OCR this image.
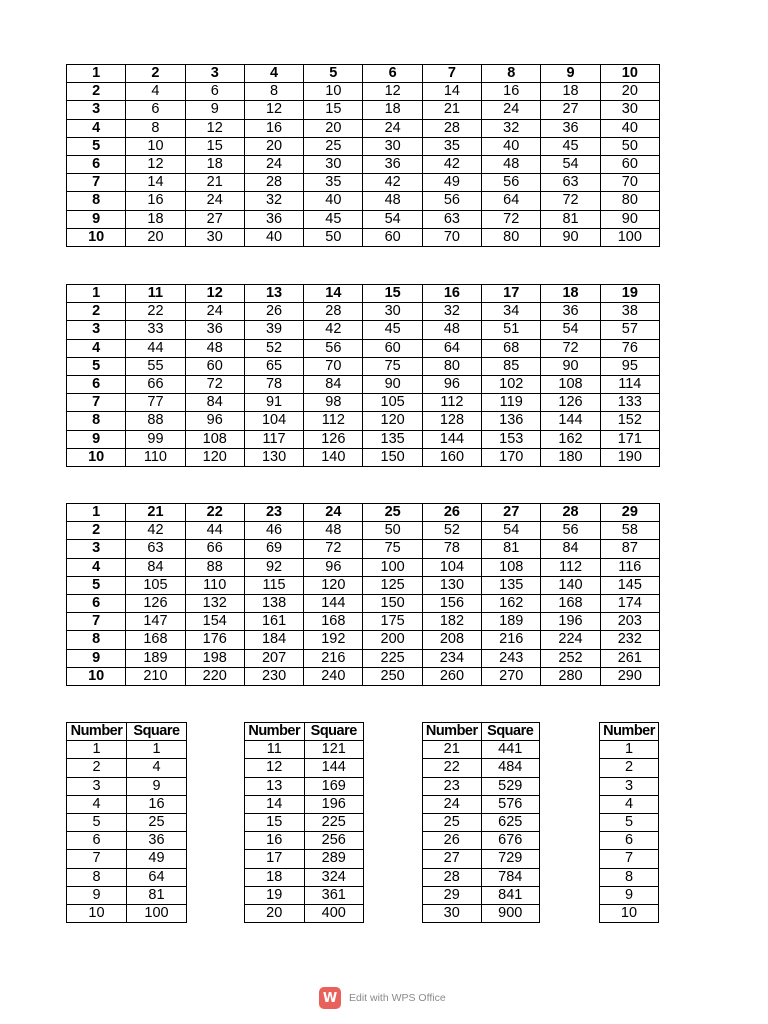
1	2	3	4	5	6	7	8	9	10
2	4	6	8	10	12	14	16	18	20
3	6	9	12	15	18	21	24	27	30
4	8	12	16	20	24	28	32	36	40
5	10	15	20	25	30	35	40	45	50
6	12	18	24	30	36	42	48	54	60
7	14	21	28	35	42	49	56	63	70
8	16	24	32	40	48	56	64	72	80
9	18	27	36	45	54	63	72	81	90
10	20	30	40	50	60	70	80	90	100
1	11	12	13	14	15	16	17	18	19
2	22	24	26	28	30	32	34	36	38
3	33	36	39	42	45	48	51	54	57
4	44	48	52	56	60	64	68	72	76
5	55	60	65	70	75	80	85	90	95
6	66	72	78	84	90	96	102	108	114
7	77	84	91	98	105	112	119	126	133
8	88	96	104	112	120	128	136	144	152
9	99	108	117	126	135	144	153	162	171
10	110	120	130	140	150	160	170	180	190
1	21	22	23	24	25	26	27	28	29
2	42	44	46	48	50	52	54	56	58
3	63	66	69	72	75	78	81	84	87
4	84	88	92	96	100	104	108	112	116
5	105	110	115	120	125	130	135	140	145
6	126	132	138	144	150	156	162	168	174
7	147	154	161	168	175	182	189	196	203
8	168	176	184	192	200	208	216	224	232
9	189	198	207	216	225	234	243	252	261
10	210	220	230	240	250	260	270	280	290
Number	Square
1	1
2	4
3	9
4	16
5	25
6	36
7	49
8	64
9	81
10	100
Number	Square
11	121
12	144
13	169
14	196
15	225
16	256
17	289
18	324
19	361
20	400
Number	Square
21	441
22	484
23	529
24	576
25	625
26	676
27	729
28	784
29	841
30	900
Number
1
2
3
4
5
6
7
8
9
10
W	Edit with WPS Office
